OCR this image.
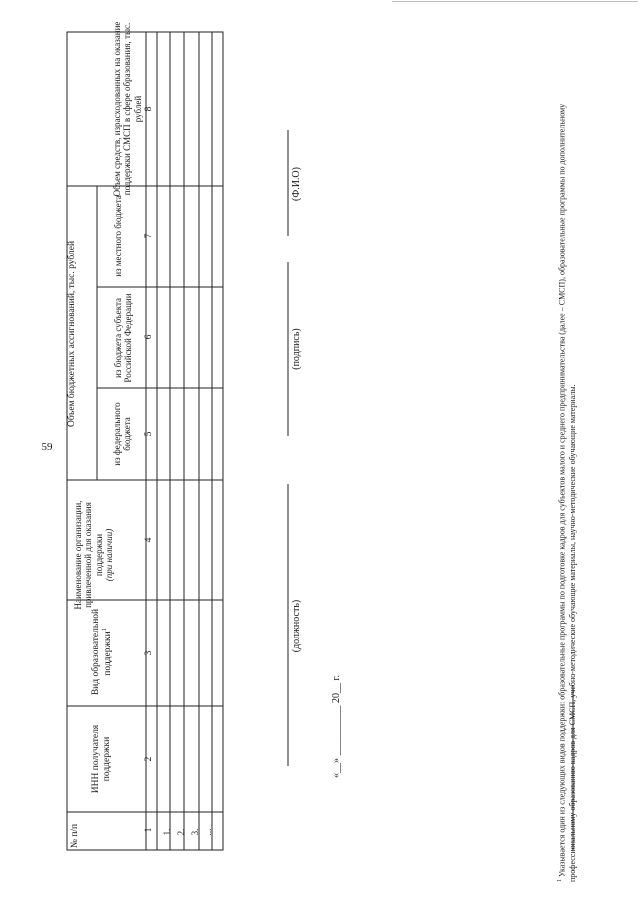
59
№ п/п
ИНН получателя поддержки
Вид образовательной поддержки$^1$
Наименование организации, привлеченной для оказания поддержки (при наличии)
Объем бюджетных ассигнований, тыс. рублей
из федерального бюджета
из бюджета субъекта Российской Федерации
из местного бюджета
Объем средств, израсходованных на оказание поддержки СМСП в сфере образования, тыс. рублей
1
2
3
4
5
6
7
8
1. 2. 3. ...
(должность)
(подпись)
(Ф.И.О)
«__» __________ 20__ г.
$^1$ Указывается один из следующих видов поддержки: образовательные программы по подготовке кадров для субъектов малого и среднего предпринимательства (далее – СМСП), образовательные программы по дополнительному профессиональному образованию кадров для СМСП, учебно-методические обучающие материалы, научно-методические обучающие материалы.
